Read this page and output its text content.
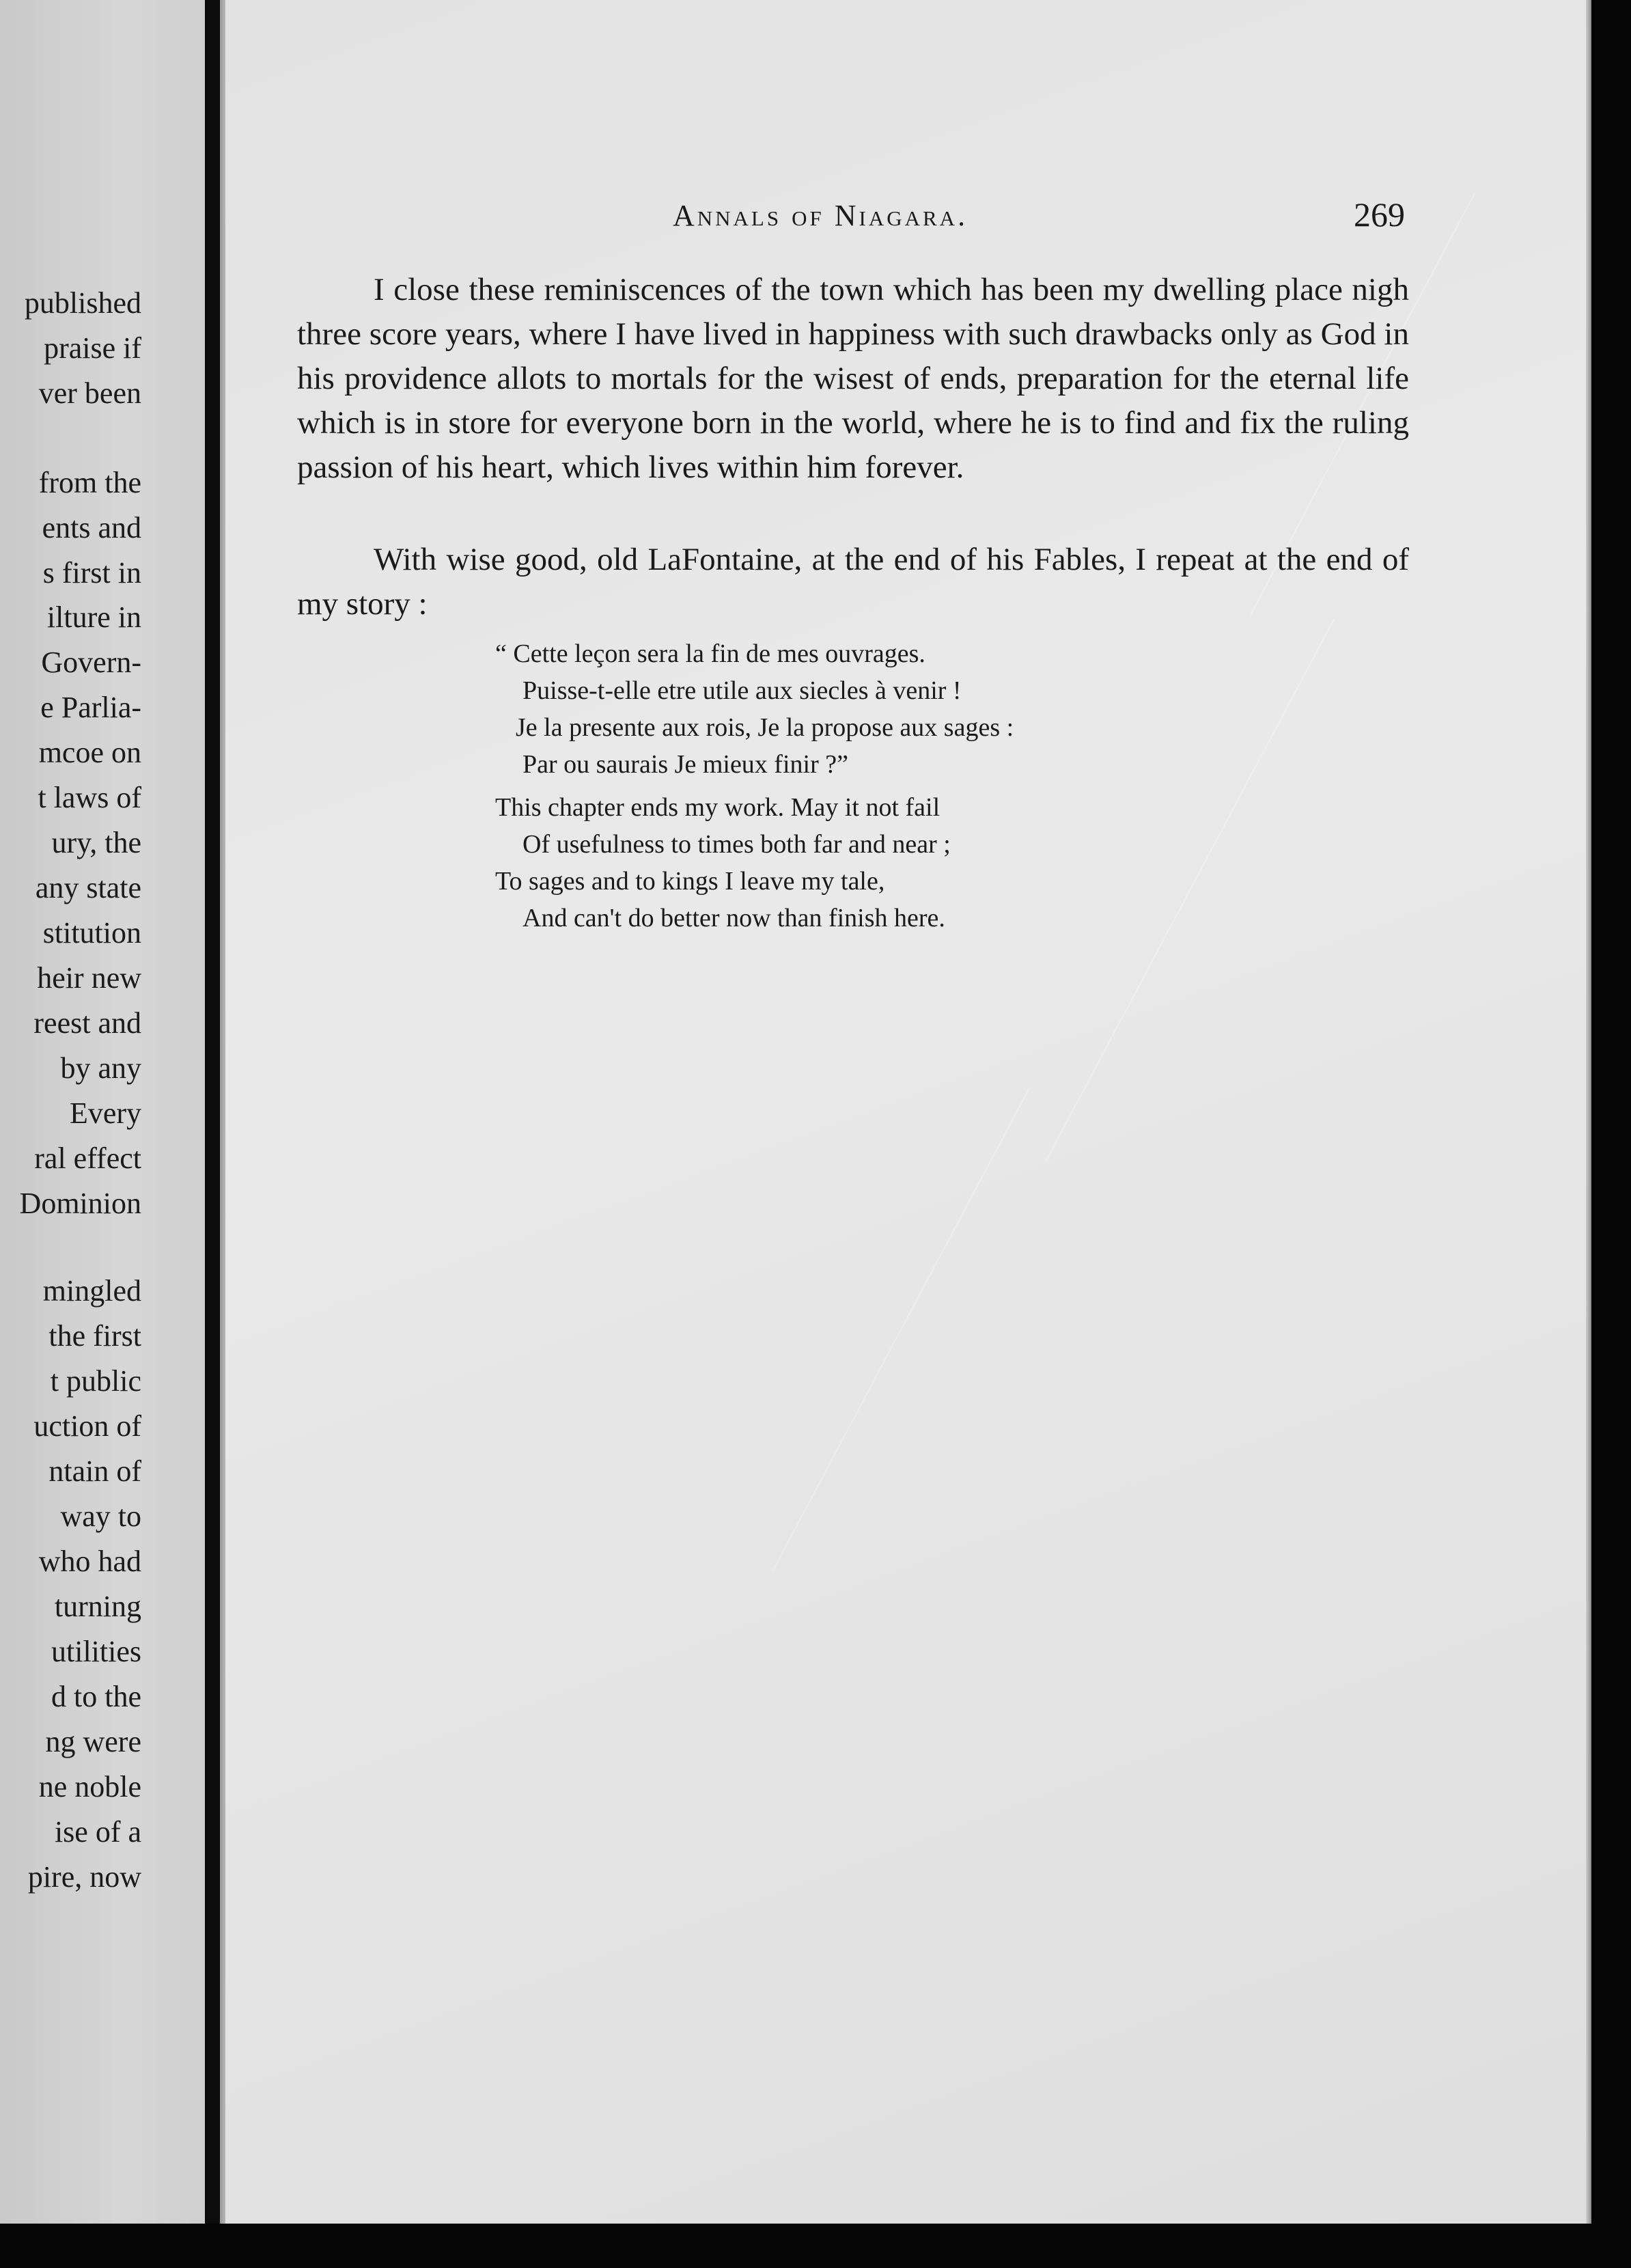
published
praise if
ver been
from the
ents and
s first in
ilture in
Govern-
e Parlia-
mcoe on
t laws of
ury, the
any state
stitution
heir new
reest and
by any
Every
ral effect
Dominion
mingled
the first
t public
uction of
ntain of
way to
who had
turning
utilities
d to the
ng were
ne noble
ise of a
pire, now
Annals of Niagara.	269

I close these reminiscences of the town which has been my dwelling place nigh three score years, where I have lived in happiness with such drawbacks only as God in his providence allots to mortals for the wisest of ends, preparation for the eternal life which is in store for everyone born in the world, where he is to find and fix the ruling passion of his heart, which lives within him forever.

With wise good, old LaFontaine, at the end of his Fables, I repeat at the end of my story :

“ Cette leçon sera la fin de mes ouvrages.
Puisse-t-elle etre utile aux siecles à venir !
Je la presente aux rois, Je la propose aux sages :
Par ou saurais Je mieux finir ?”
This chapter ends my work. May it not fail
Of usefulness to times both far and near ;
To sages and to kings I leave my tale,
And can't do better now than finish here.
